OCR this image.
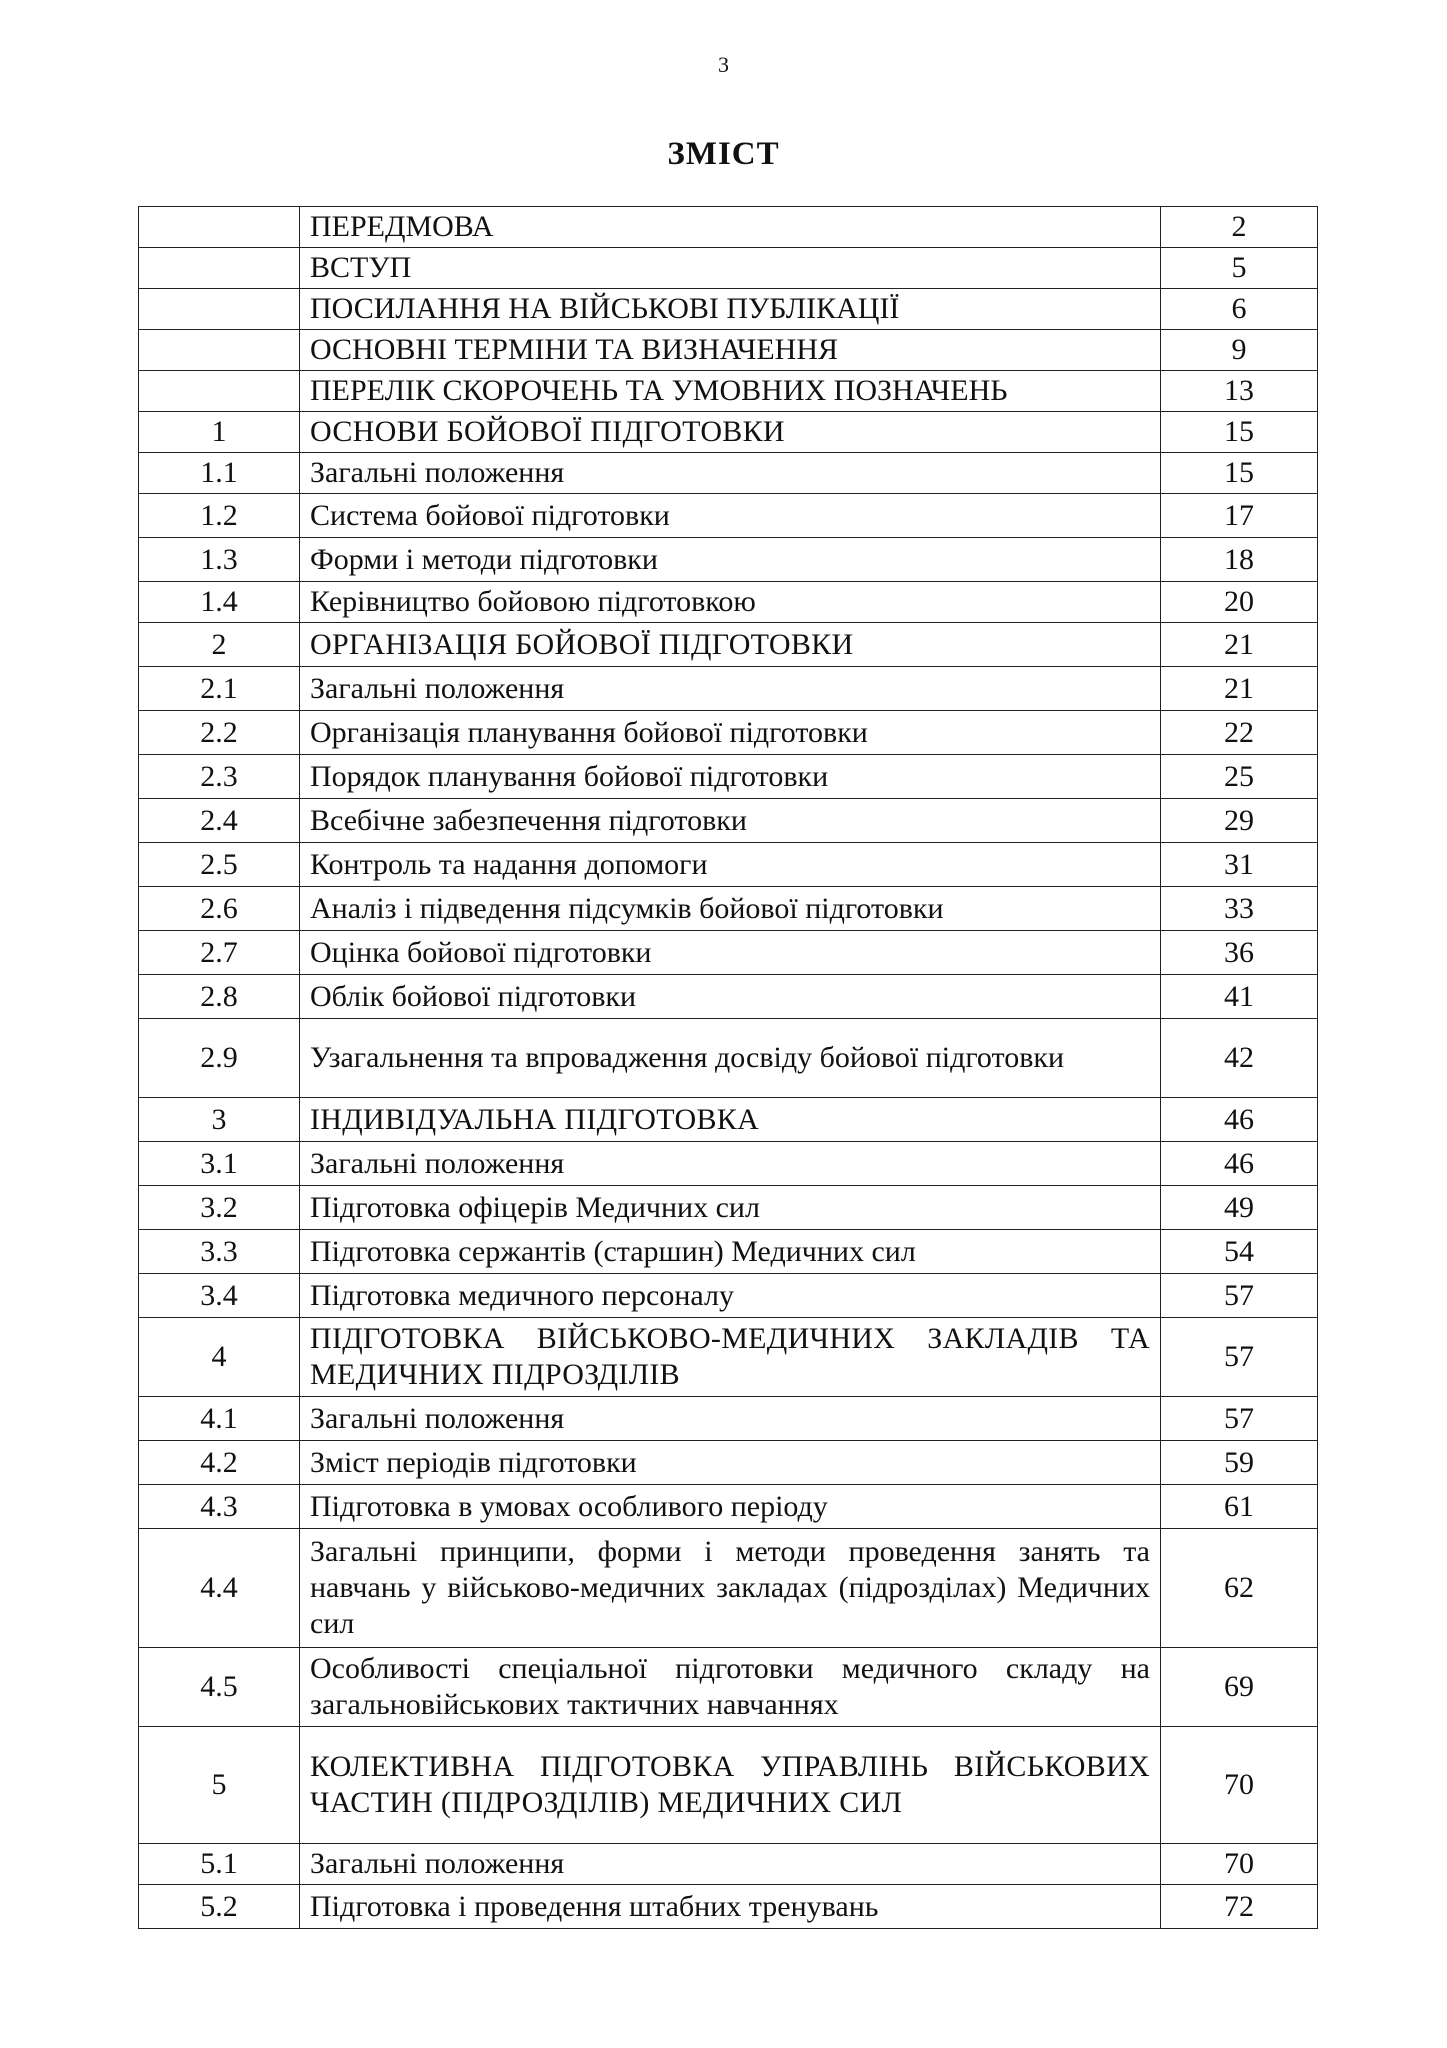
3
ЗМІСТ
	ПЕРЕДМОВА	2
	ВСТУП	5
	ПОСИЛАННЯ НА ВІЙСЬКОВІ ПУБЛІКАЦІЇ	6
	ОСНОВНІ ТЕРМІНИ ТА ВИЗНАЧЕННЯ	9
	ПЕРЕЛІК СКОРОЧЕНЬ ТА УМОВНИХ ПОЗНАЧЕНЬ	13
1	ОСНОВИ БОЙОВОЇ ПІДГОТОВКИ	15
1.1	Загальні положення	15
1.2	Система бойової підготовки	17
1.3	Форми і методи підготовки	18
1.4	Керівництво бойовою підготовкою	20
2	ОРГАНІЗАЦІЯ БОЙОВОЇ ПІДГОТОВКИ	21
2.1	Загальні положення	21
2.2	Організація планування бойової підготовки	22
2.3	Порядок планування бойової підготовки	25
2.4	Всебічне забезпечення підготовки	29
2.5	Контроль та надання допомоги	31
2.6	Аналіз і підведення підсумків бойової підготовки	33
2.7	Оцінка бойової підготовки	36
2.8	Облік бойової підготовки	41
2.9	Узагальнення та впровадження досвіду бойової підготовки	42
3	ІНДИВІДУАЛЬНА ПІДГОТОВКА	46
3.1	Загальні положення	46
3.2	Підготовка офіцерів Медичних сил	49
3.3	Підготовка сержантів (старшин) Медичних сил	54
3.4	Підготовка медичного персоналу	57
4	ПІДГОТОВКА ВІЙСЬКОВО-МЕДИЧНИХ ЗАКЛАДІВ ТА МЕДИЧНИХ ПІДРОЗДІЛІВ	57
4.1	Загальні положення	57
4.2	Зміст періодів підготовки	59
4.3	Підготовка в умовах особливого періоду	61
4.4	Загальні принципи, форми і методи проведення занять та навчань у військово-медичних закладах (підрозділах) Медичних сил	62
4.5	Особливості спеціальної підготовки медичного складу на загальновійськових тактичних навчаннях	69
5	КОЛЕКТИВНА ПІДГОТОВКА УПРАВЛІНЬ ВІЙСЬКОВИХ ЧАСТИН (ПІДРОЗДІЛІВ) МЕДИЧНИХ СИЛ	70
5.1	Загальні положення	70
5.2	Підготовка і проведення штабних тренувань	72
